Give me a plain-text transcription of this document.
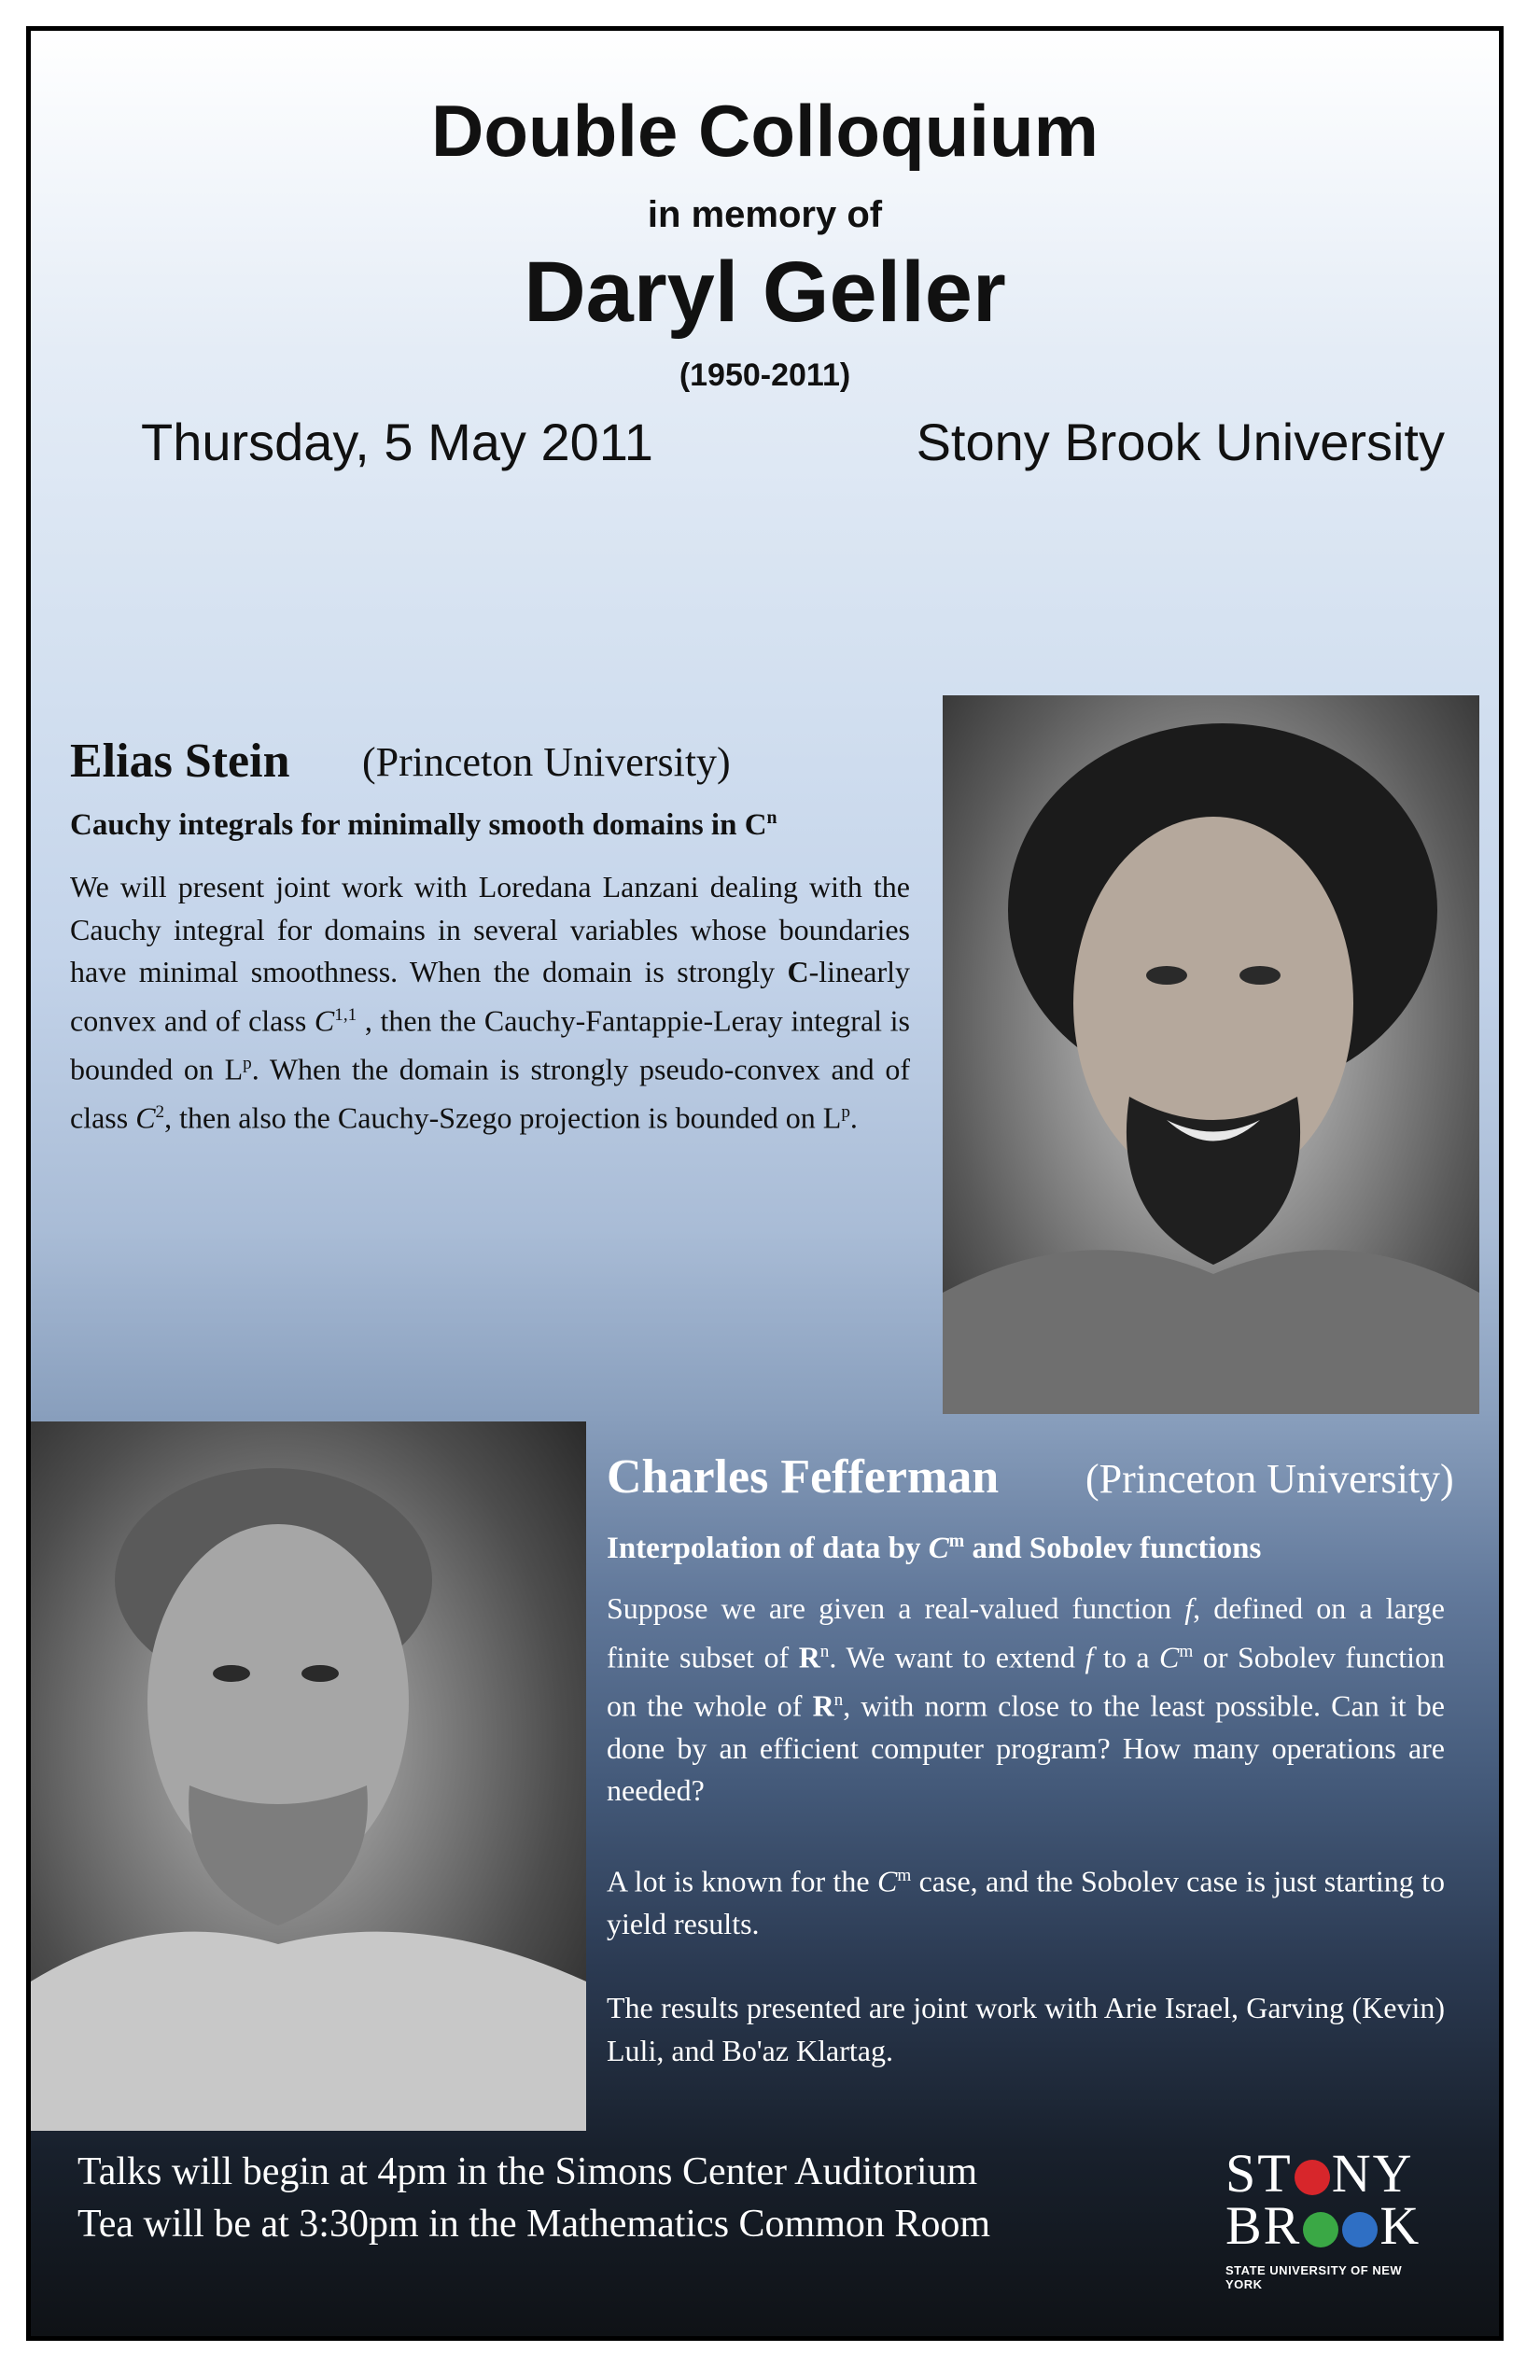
Double Colloquium
in memory of
Daryl Geller
(1950-2011)
Thursday, 5 May 2011	Stony Brook University
Elias Stein (Princeton University)
Cauchy integrals for minimally smooth domains in $C^n$
We will present joint work with Loredana Lanzani dealing with the Cauchy integral for domains in several variables whose boundaries have minimal smoothness. When the domain is strongly C-linearly convex and of class C$^{1,1}$ , then the Cauchy-Fantappie-Leray integral is bounded on $L^p$. When the domain is strongly pseudo-convex and of class $C^2$, then also the Cauchy-Szego projection is bounded on $L^p$.
Charles Fefferman (Princeton University)
Interpolation of data by $C^m$ and Sobolev functions

Suppose we are given a real-valued function f, defined on a large finite subset of $R^n$. We want to extend f to a $C^m$ or Sobolev function on the whole of $R^n$, with norm close to the least possible. Can it be done by an efficient computer program? How many operations are needed?

A lot is known for the $C^m$ case, and the Sobolev case is just starting to yield results.

The results presented are joint work with Arie Israel, Garving (Kevin) Luli, and Bo'az Klartag.

Talks will begin at 4pm in the Simons Center Auditorium
Tea will be at 3:30pm in the Mathematics Common Room
ST NY
BR K
STATE UNIVERSITY OF NEW YORK
